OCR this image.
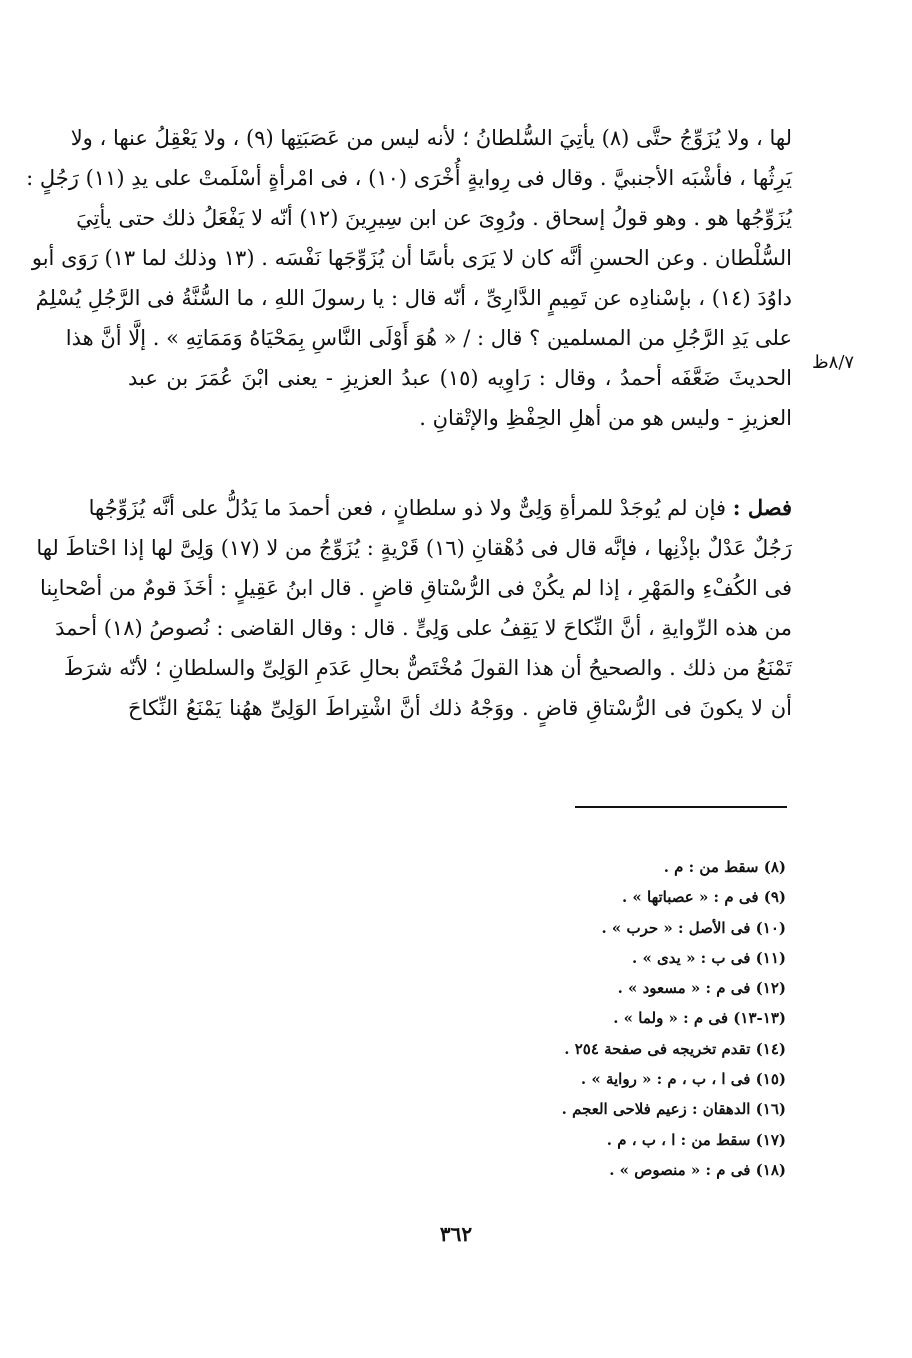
٨/٧ظ
لها ، ولا يُزَوِّجُ حتَّى (٨) يأتِيَ السُّلطانُ ؛ لأنه ليس من عَصَبَتِها (٩) ، ولا يَعْقِلُ عنها ، ولا
يَرِثُها ، فأشْبَه الأجنبيَّ . وقال فى رِوايةٍ أُخْرَى (١٠) ، فى امْرأةٍ أسْلَمتْ على يدِ (١١) رَجُلٍ :
يُزَوِّجُها هو . وهو قولُ إسحاق . ورُوِىَ عن ابن سِيرِينَ (١٢) أنّه لا يَفْعَلُ ذلك حتى يأتِيَ
السُّلْطان . وعن الحسنِ أنَّه كان لا يَرَى بأسًا أن يُزَوِّجَها نَفْسَه . (١٣ وذلك لما ١٣) رَوَى أبو
داوُدَ (١٤) ، بإسْنادِه عن تَمِيمٍ الدَّارِىِّ ، أنّه قال : يا رسولَ اللهِ ، ما السُّنَّةُ فى الرَّجُلِ يُسْلِمُ
على يَدِ الرَّجُلِ من المسلمين ؟ قال : / « هُوَ أَوْلَى النَّاسِ بِمَحْيَاهُ وَمَمَاتِهِ » . إلَّا أنَّ هذا
الحديثَ ضَعَّفَه أحمدُ ، وقال : رَاوِيه (١٥) عبدُ العزيزِ - يعنى ابْنَ عُمَرَ بن عبد
العزيزِ - وليس هو من أهلِ الحِفْظِ والإتْقانِ .
فصل : فإن لم يُوجَدْ للمرأةِ وَلِىٌّ ولا ذو سلطانٍ ، فعن أحمدَ ما يَدُلُّ على أنَّه يُزَوِّجُها
رَجُلٌ عَدْلٌ بإذْنِها ، فإنَّه قال فى دُهْقانِ (١٦) قَرْيةٍ : يُزَوِّجُ من لا (١٧) وَلِىَّ لها إذا احْتاطَ لها
فى الكُفْءِ والمَهْرِ ، إذا لم يكُنْ فى الرُّسْتاقِ قاضٍ . قال ابنُ عَقِيلٍ : أخَذَ قومٌ من أصْحابِنا
من هذه الرِّوايةِ ، أنَّ النِّكاحَ لا يَقِفُ على وَلِىٍّ . قال : وقال القاضى : نُصوصُ (١٨) أحمدَ
تَمْنَعُ من ذلك . والصحيحُ أن هذا القولَ مُخْتَصٌّ بحالِ عَدَمِ الوَلِىِّ والسلطانِ ؛ لأنّه شرَطَ
أن لا يكونَ فى الرُّسْتاقِ قاضٍ . ووَجْهُ ذلك أنَّ اشْتِراطَ الوَلِىِّ ههُنا يَمْنَعُ النِّكاحَ
(٨) سقط من : م .
(٩) فى م : « عصباتها » .
(١٠) فى الأصل : « حرب » .
(١١) فى ب : « يدى » .
(١٢) فى م : « مسعود » .
(١٣-١٣) فى م : « ولما » .
(١٤) تقدم تخريجه فى صفحة ٢٥٤ .
(١٥) فى ا ، ب ، م : « رواية » .
(١٦) الدهقان : زعيم فلاحى العجم .
(١٧) سقط من : ا ، ب ، م .
(١٨) فى م : « منصوص » .
٣٦٢
